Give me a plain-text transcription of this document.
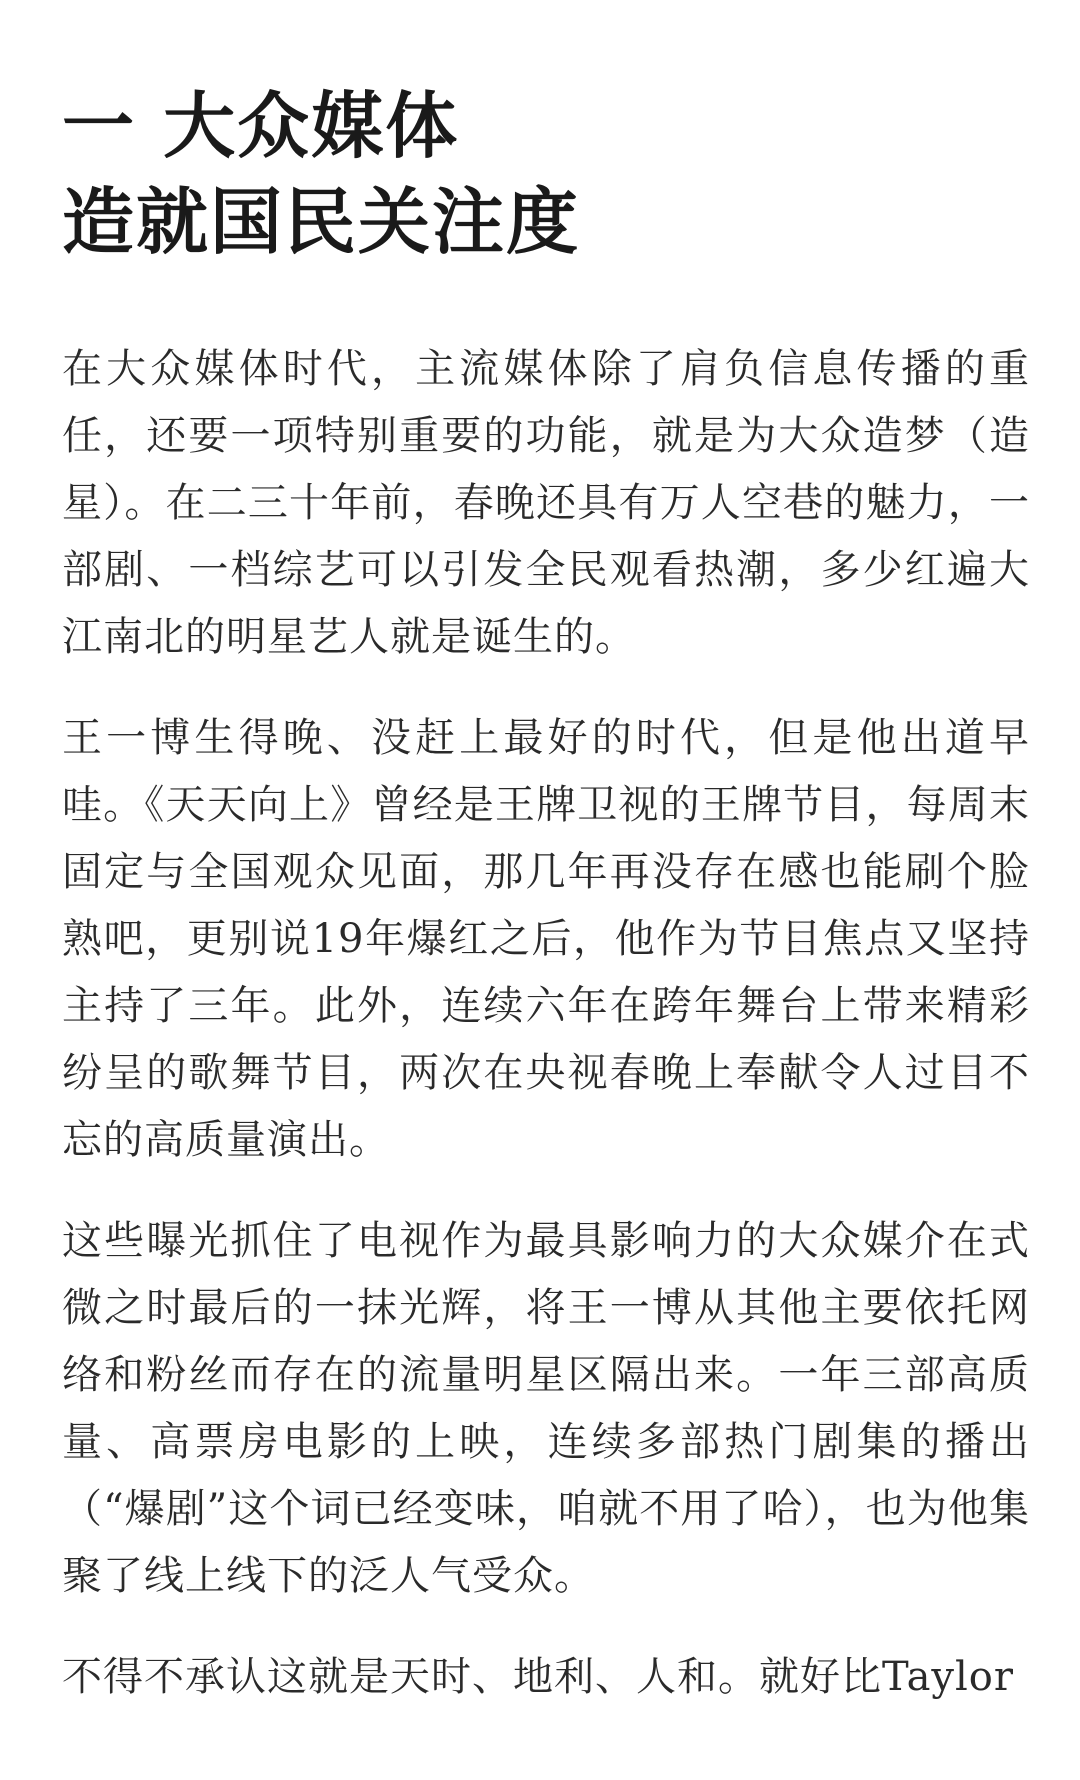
一 大众媒体
造就国民关注度

在大众媒体时代，主流媒体除了肩负信息传播的重任，还要一项特别重要的功能，就是为大众造梦（造星）。在二三十年前，春晚还具有万人空巷的魅力，一部剧、一档综艺可以引发全民观看热潮，多少红遍大江南北的明星艺人就是诞生的。

王一博生得晚、没赶上最好的时代，但是他出道早哇。《天天向上》曾经是王牌卫视的王牌节目，每周末固定与全国观众见面，那几年再没存在感也能刷个脸熟吧，更别说19年爆红之后，他作为节目焦点又坚持主持了三年。此外，连续六年在跨年舞台上带来精彩纷呈的歌舞节目，两次在央视春晚上奉献令人过目不忘的高质量演出。

这些曝光抓住了电视作为最具影响力的大众媒介在式微之时最后的一抹光辉，将王一博从其他主要依托网络和粉丝而存在的流量明星区隔出来。一年三部高质量、高票房电影的上映，连续多部热门剧集的播出（“爆剧”这个词已经变味，咱就不用了哈），也为他集聚了线上线下的泛人气受众。

不得不承认这就是天时、地利、人和。就好比Taylor
